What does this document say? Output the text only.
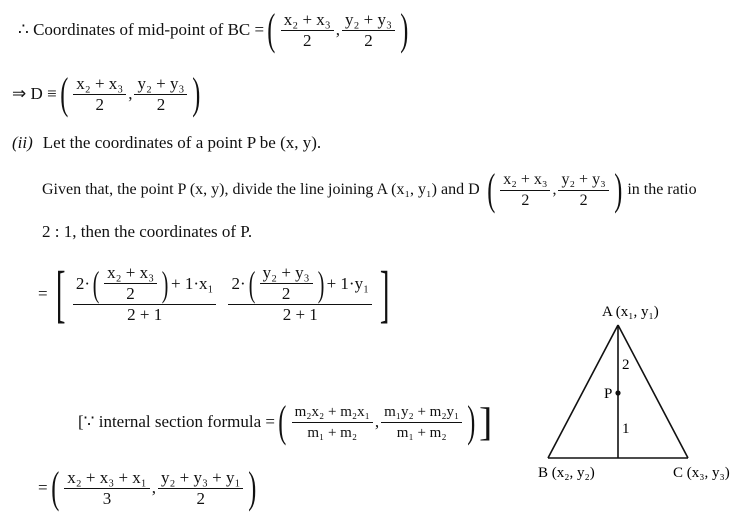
∴ Coordinates of mid-point of BC = ( $\frac{\text{x₂ + x₃}}{2}$ , $\frac{\text{y₂ + y₃}}{2}$ )
⇒ D ≡ ( $\frac{\text{x₂ + x₃}}{2}$ , $\frac{\text{y₂ + y₃}}{2}$ )
(ii) Let the coordinates of a point P be (x, y).
Given that, the point P (x, y), divide the line joining A (x₁, y₁) and D ( $\frac{\text{x₂ + x₃}}{2}$ , $\frac{\text{y₂ + y₃}}{2}$ ) in the ratio
2 : 1, then the coordinates of P.
= [ $\frac{2\cdot ( \frac{\text{x₂ + x₃}}{2} ) + 1\cdot x_1}{2 + 1} \frac{2\cdot ( \frac{\text{y₂ + y₃}}{2} ) + 1\cdot y_1}{2 + 1}$ ]
[∵ internal section formula = ( $\frac{\text{m₂x₂ + m₂x₁}}{\text{m₁ + m₂}}$ , $\frac{\text{m₁y₂ + m₂y₁}}{\text{m₁ + m₂}}$ ) ]
= ( $\frac{\text{x₂ + x₃ + x₁}}{3}$ , $\frac{\text{y₂ + y₃ + y₁}}{2}$ )
A (x₁, y₁)
B (x₂, y₂)	C (x₃, y₃)
P
2
1
